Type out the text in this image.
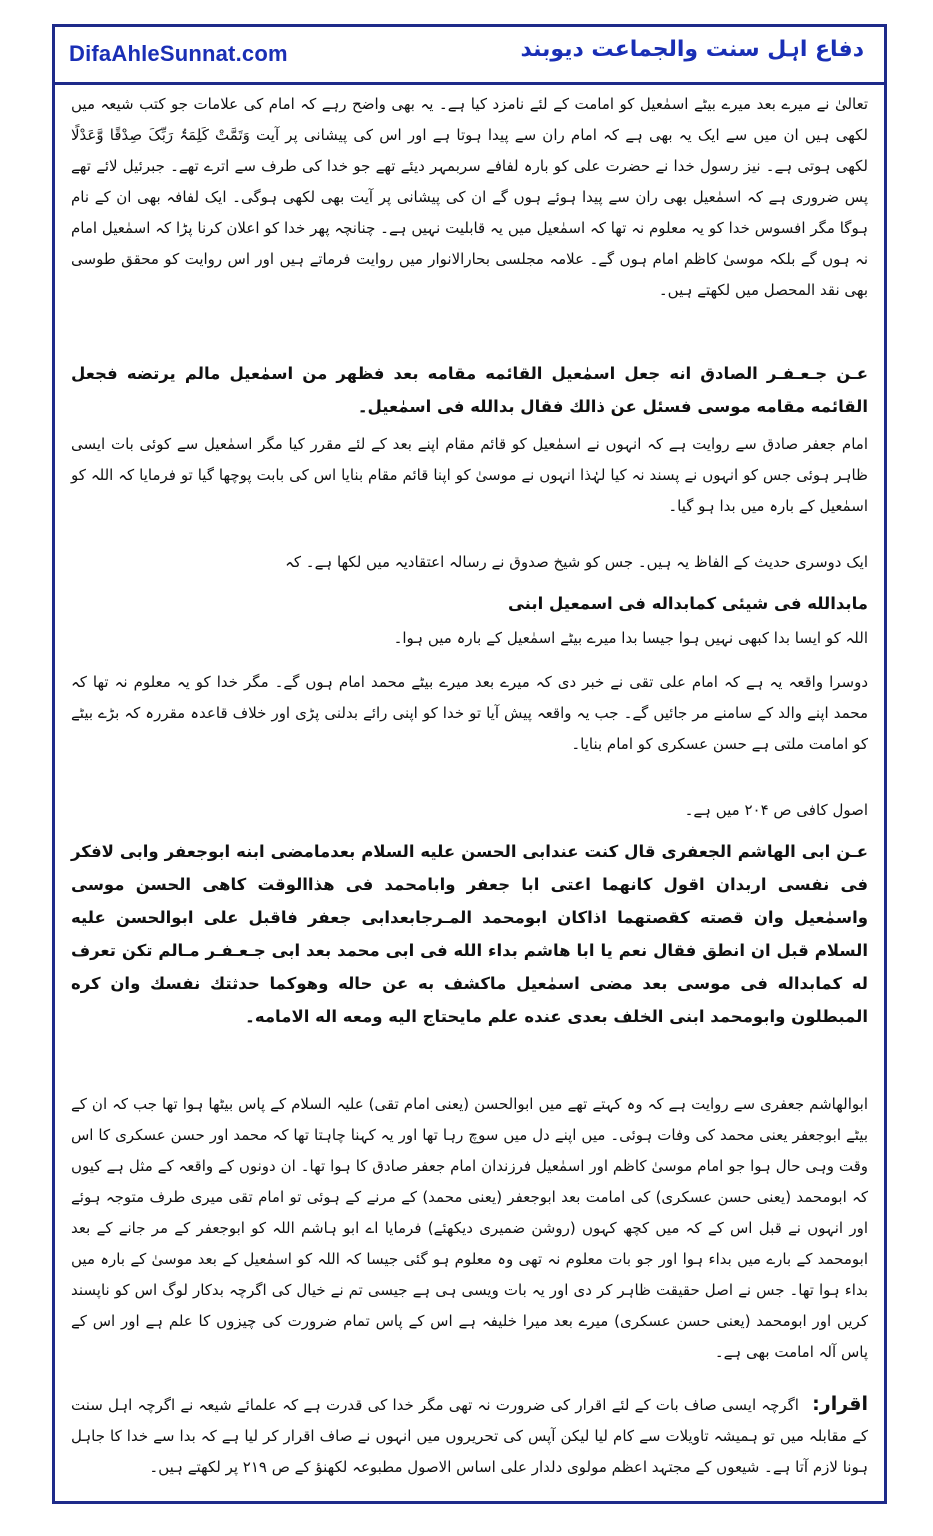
DifaAhleSunnat.com	دفاع اہل سنت والجماعت دیوبند
تعالیٰ نے میرے بعد میرے بیٹے اسمٰعیل کو امامت کے لئے نامزد کیا ہے۔ یہ بھی واضح رہے کہ امام کی علامات جو کتب شیعہ میں لکھی ہیں ان میں سے ایک یہ بھی ہے کہ امام ران سے پیدا ہوتا ہے اور اس کی پیشانی پر آیت وَتَمَّتْ کَلِمَۃُ رَبِّکَ صِدْقًا وَّعَدْلًا لکھی ہوتی ہے۔ نیز رسول خدا نے حضرت علی کو بارہ لفافے سربمہر دیئے تھے جو خدا کی طرف سے اترے تھے۔ جبرئیل لائے تھے پس ضروری ہے کہ اسمٰعیل بھی ران سے پیدا ہوئے ہوں گے ان کی پیشانی پر آیت بھی لکھی ہوگی۔ ایک لفافہ بھی ان کے نام ہوگا مگر افسوس خدا کو یہ معلوم نہ تھا کہ اسمٰعیل میں یہ قابلیت نہیں ہے۔ چنانچہ پھر خدا کو اعلان کرنا پڑا کہ اسمٰعیل امام نہ ہوں گے بلکہ موسیٰ کاظم امام ہوں گے۔ علامہ مجلسی بحارالانوار میں روایت فرماتے ہیں اور اس روایت کو محقق طوسی بھی نقد المحصل میں لکھتے ہیں۔
عـن جـعـفـر الصادق انه جعل اسمٰعیل القائمه مقامه بعد فظهر من اسمٰعیل مالم یرتضه فجعل القائمه مقامه موسی فسئل عن ذالك فقال بدالله فی اسمٰعیل۔
امام جعفر صادق سے روایت ہے کہ انہوں نے اسمٰعیل کو قائم مقام اپنے بعد کے لئے مقرر کیا مگر اسمٰعیل سے کوئی بات ایسی ظاہر ہوئی جس کو انہوں نے پسند نہ کیا لہٰذا انہوں نے موسیٰ کو اپنا قائم مقام بنایا اس کی بابت پوچھا گیا تو فرمایا کہ اللہ کو اسمٰعیل کے بارہ میں بدا ہو گیا۔
ایک دوسری حدیث کے الفاظ یہ ہیں۔ جس کو شیخ صدوق نے رسالہ اعتقادیہ میں لکھا ہے۔ کہ
مابدالله فی شیئی کمابداله فی اسمعیل ابنی
اللہ کو ایسا بدا کبھی نہیں ہوا جیسا بدا میرے بیٹے اسمٰعیل کے بارہ میں ہوا۔
دوسرا واقعہ یہ ہے کہ امام علی تقی نے خبر دی کہ میرے بعد میرے بیٹے محمد امام ہوں گے۔ مگر خدا کو یہ معلوم نہ تھا کہ محمد اپنے والد کے سامنے مر جائیں گے۔ جب یہ واقعہ پیش آیا تو خدا کو اپنی رائے بدلنی پڑی اور خلاف قاعدہ مقررہ کہ بڑے بیٹے کو امامت ملتی ہے حسن عسکری کو امام بنایا۔
اصول کافی ص ۲۰۴ میں ہے۔
عـن ابی الهاشم الجعفری قال کنت عندابی الحسن علیه السلام بعدمامضی ابنه ابوجعفر وابی لافکر فی نفسی اربدان اقول کانهما اعتی ابا جعفر وابامحمد فی هذاالوقت کاهی الحسن موسی واسمٰعیل وان قصته کقصتهما اذاکان ابومحمد المـرجابعدابی جعفر فاقبل علی ابوالحسن علیه السلام قبل ان انطق فقال نعم یا ابا هاشم بداء الله فی ابی محمد بعد ابی جـعـفـر مـالم تکن تعرف له کمابداله فی موسی بعد مضی اسمٰعیل ماکشف به عن حاله وهوکما حدثتك نفسك وان کره المبطلون وابومحمد ابنی الخلف بعدی عنده علم مایحتاج الیه ومعه اله الامامه۔
ابوالهاشم جعفری سے روایت ہے کہ وہ کہتے تھے میں ابوالحسن (یعنی امام تقی) علیہ السلام کے پاس بیٹھا ہوا تھا جب کہ ان کے بیٹے ابوجعفر یعنی محمد کی وفات ہوئی۔ میں اپنے دل میں سوچ رہا تھا اور یہ کہنا چاہتا تھا کہ محمد اور حسن عسکری کا اس وقت وہی حال ہوا جو امام موسیٰ کاظم اور اسمٰعیل فرزندان امام جعفر صادق کا ہوا تھا۔ ان دونوں کے واقعہ کے مثل ہے کیوں کہ ابومحمد (یعنی حسن عسکری) کی امامت بعد ابوجعفر (یعنی محمد) کے مرنے کے ہوئی تو امام تقی میری طرف متوجہ ہوئے اور انہوں نے قبل اس کے کہ میں کچھ کہوں (روشن ضمیری دیکھئے) فرمایا اے ابو ہاشم اللہ کو ابوجعفر کے مر جانے کے بعد ابومحمد کے بارے میں بداء ہوا اور جو بات معلوم نہ تھی وہ معلوم ہو گئی جیسا کہ اللہ کو اسمٰعیل کے بعد موسیٰ کے بارہ میں بداء ہوا تھا۔ جس نے اصل حقیقت ظاہر کر دی اور یہ بات ویسی ہی ہے جیسی تم نے خیال کی اگرچہ بدکار لوگ اس کو ناپسند کریں اور ابومحمد (یعنی حسن عسکری) میرے بعد میرا خلیفہ ہے اس کے پاس تمام ضرورت کی چیزوں کا علم ہے اور اس کے پاس آلہ امامت بھی ہے۔
اقرار: اگرچہ ایسی صاف بات کے لئے اقرار کی ضرورت نہ تھی مگر خدا کی قدرت ہے کہ علمائے شیعہ نے اگرچہ اہل سنت کے مقابلہ میں تو ہمیشہ تاویلات سے کام لیا لیکن آپس کی تحریروں میں انہوں نے صاف اقرار کر لیا ہے کہ بدا سے خدا کا جاہل ہونا لازم آتا ہے۔ شیعوں کے مجتہد اعظم مولوی دلدار علی اساس الاصول مطبوعہ لکھنؤ کے ص ۲۱۹ پر لکھتے ہیں۔
